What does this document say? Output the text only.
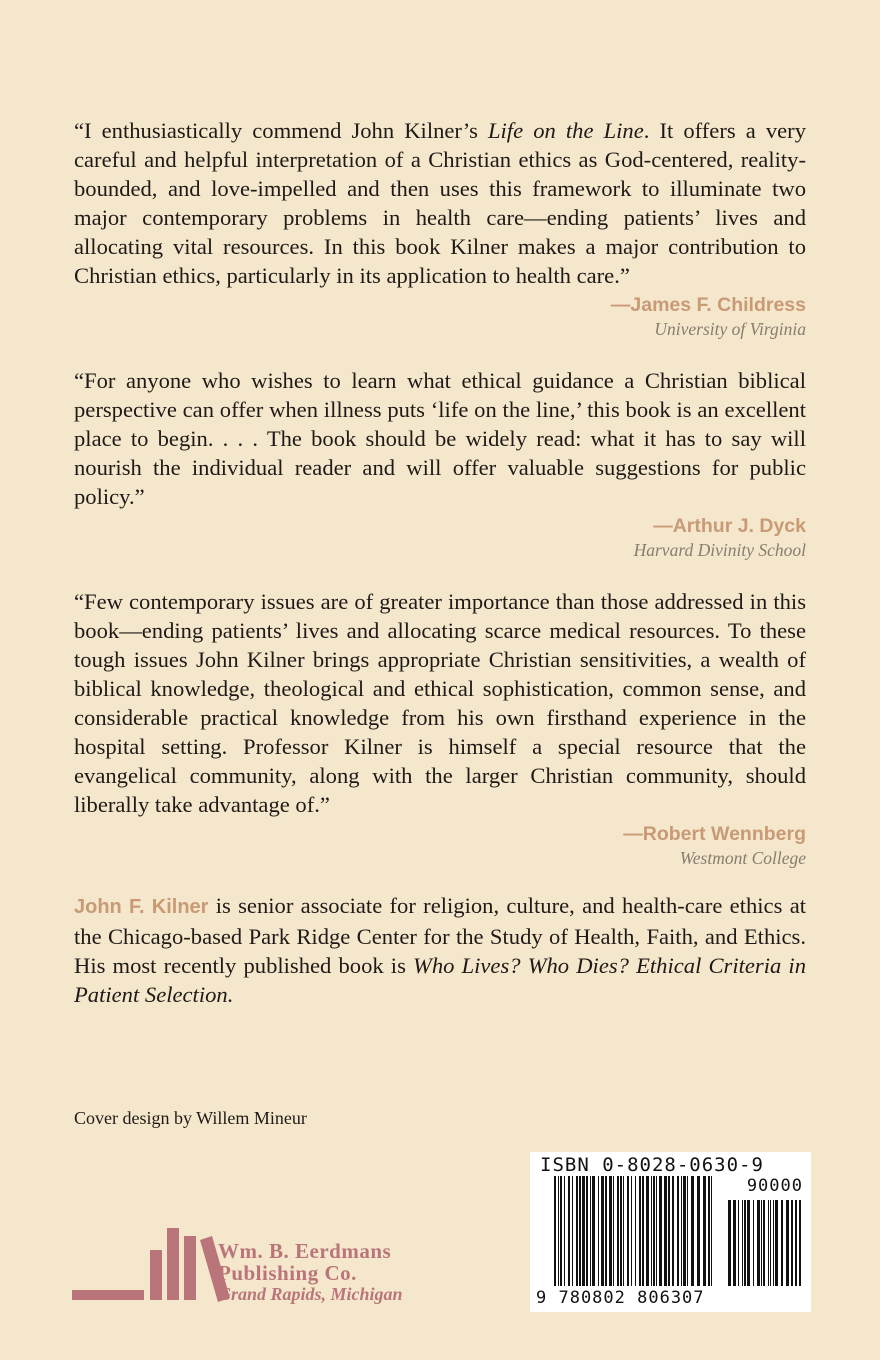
“I enthusiastically commend John Kilner’s Life on the Line. It offers a very careful and helpful interpretation of a Christian ethics as God-centered, reality-bounded, and love-impelled and then uses this framework to illuminate two major contemporary problems in health care—ending patients’ lives and allocating vital resources. In this book Kilner makes a major contribution to Christian ethics, particularly in its application to health care.”

—James F. Childress
University of Virginia

“For anyone who wishes to learn what ethical guidance a Christian biblical perspective can offer when illness puts ‘life on the line,’ this book is an excellent place to begin. . . . The book should be widely read: what it has to say will nourish the individual reader and will offer valuable suggestions for public policy.”

—Arthur J. Dyck
Harvard Divinity School

“Few contemporary issues are of greater importance than those addressed in this book—ending patients’ lives and allocating scarce medical resources. To these tough issues John Kilner brings appropriate Christian sensitivities, a wealth of biblical knowledge, theological and ethical sophistication, common sense, and considerable practical knowledge from his own firsthand experience in the hospital setting. Professor Kilner is himself a special resource that the evangelical community, along with the larger Christian community, should liberally take advantage of.”

—Robert Wennberg
Westmont College

John F. Kilner is senior associate for religion, culture, and health-care ethics at the Chicago-based Park Ridge Center for the Study of Health, Faith, and Ethics. His most recently published book is Who Lives? Who Dies? Ethical Criteria in Patient Selection.

Cover design by Willem Mineur
Wm. B. Eerdmans
Publishing Co.
Grand Rapids, Michigan
ISBN 0-8028-0630-9
90000
9 780802 806307
